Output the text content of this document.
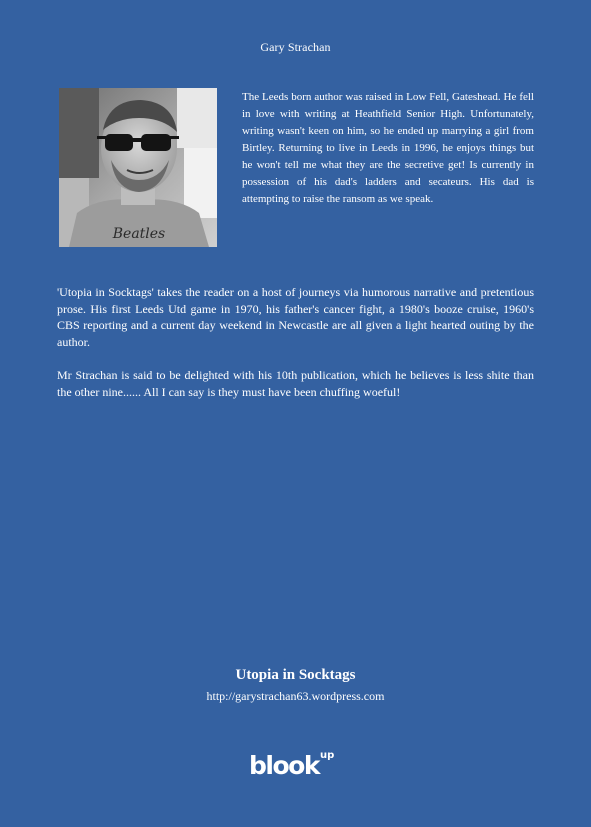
Gary Strachan
Beatles

The Leeds born author was raised in Low Fell, Gateshead. He fell in love with writing at Heathfield Senior High. Unfortunately, writing wasn't keen on him, so he ended up marrying a girl from Birtley. Returning to live in Leeds in 1996, he enjoys things but he won't tell me what they are the secretive get! Is currently in possession of his dad's ladders and secateurs. His dad is attempting to raise the ransom as we speak.

'Utopia in Socktags' takes the reader on a host of journeys via humorous narrative and pretentious prose. His first Leeds Utd game in 1970, his father's cancer fight, a 1980's booze cruise, 1960's CBS reporting and a current day weekend in Newcastle are all given a light hearted outing by the author.

Mr Strachan is said to be delighted with his 10th publication, which he believes is less shite than the other nine...... All I can say is they must have been chuffing woeful!

Utopia in Socktags
http://garystrachan63.wordpress.com
blook$^{up}$
